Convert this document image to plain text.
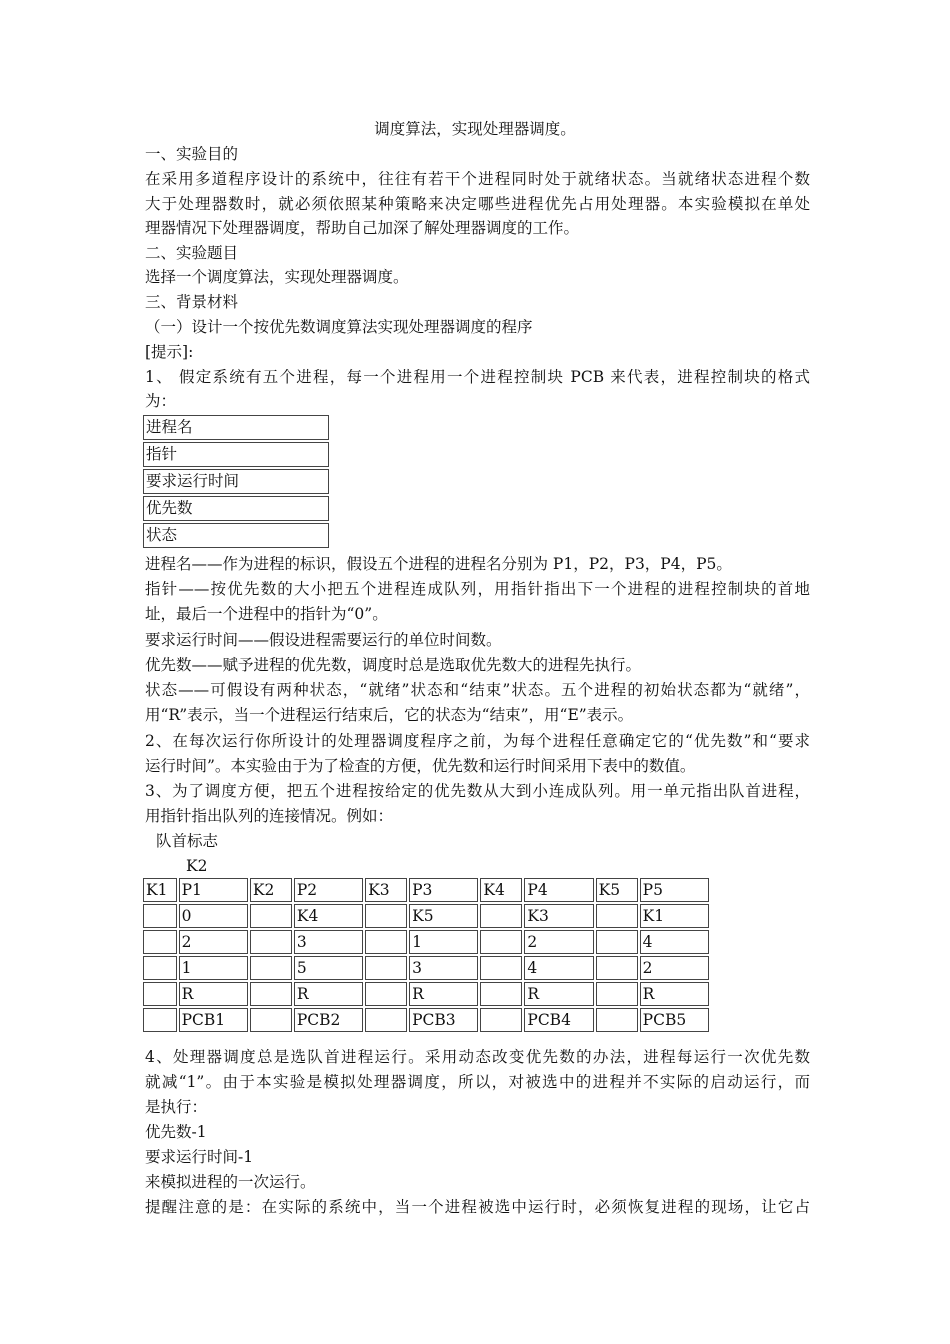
调度算法，实现处理器调度。
一、实验目的
在采用多道程序设计的系统中，往往有若干个进程同时处于就绪状态。当就绪状态进程个数
大于处理器数时，就必须依照某种策略来决定哪些进程优先占用处理器。本实验模拟在单处
理器情况下处理器调度，帮助自己加深了解处理器调度的工作。
二、实验题目
选择一个调度算法，实现处理器调度。
三、背景材料
（一）设计一个按优先数调度算法实现处理器调度的程序
[提示]:
1、 假定系统有五个进程，每一个进程用一个进程控制块 PCB 来代表，进程控制块的格式
为：
进程名
指针
要求运行时间
优先数
状态
进程名——作为进程的标识，假设五个进程的进程名分别为 P1，P2，P3，P4，P5。
指针——按优先数的大小把五个进程连成队列，用指针指出下一个进程的进程控制块的首地
址，最后一个进程中的指针为“0”。
要求运行时间——假设进程需要运行的单位时间数。
优先数——赋予进程的优先数，调度时总是选取优先数大的进程先执行。
状态——可假设有两种状态，“就绪”状态和“结束”状态。五个进程的初始状态都为“就绪”，
用“R”表示，当一个进程运行结束后，它的状态为“结束”，用“E”表示。
2、在每次运行你所设计的处理器调度程序之前，为每个进程任意确定它的“优先数”和“要求
运行时间”。本实验由于为了检查的方便，优先数和运行时间采用下表中的数值。
3、为了调度方便，把五个进程按给定的优先数从大到小连成队列。用一单元指出队首进程，
用指针指出队列的连接情况。例如：
队首标志
K2
K1	P1	K2	P2	K3	P3	K4	P4	K5	P5
	0		K4		K5		K3		K1
	2		3		1		2		4
	1		5		3		4		2
	R		R		R		R		R
	PCB1		PCB2		PCB3		PCB4		PCB5
4、处理器调度总是选队首进程运行。采用动态改变优先数的办法，进程每运行一次优先数
就减“1”。由于本实验是模拟处理器调度，所以，对被选中的进程并不实际的启动运行，而
是执行：
优先数-1
要求运行时间-1
来模拟进程的一次运行。
提醒注意的是：在实际的系统中，当一个进程被选中运行时，必须恢复进程的现场，让它占
